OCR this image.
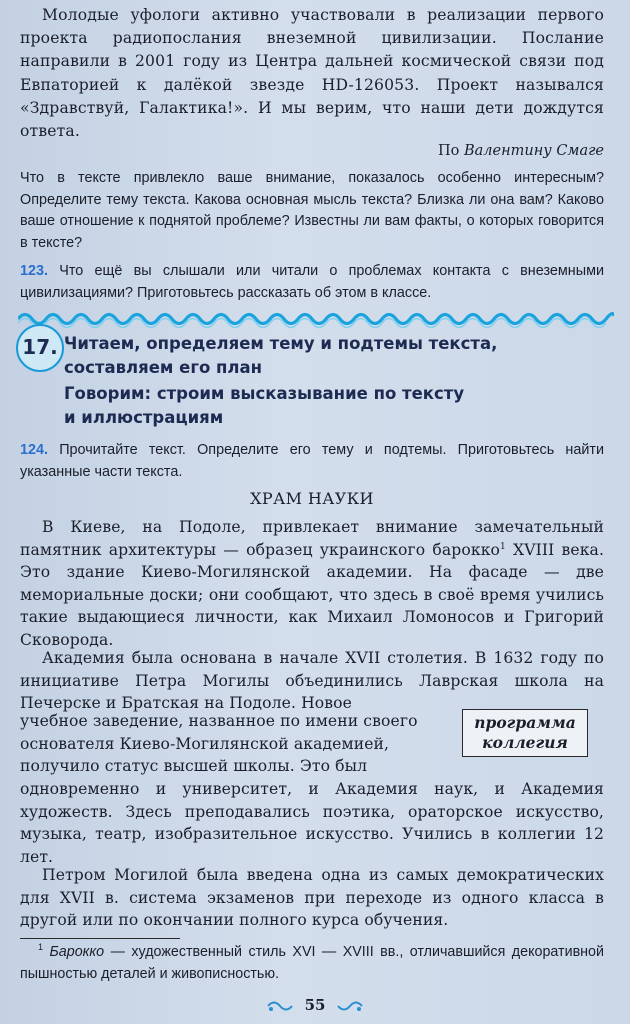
Молодые уфологи активно участвовали в реализации первого проекта радиопослания внеземной цивилизации. Послание направили в 2001 году из Центра дальней космической связи под Евпаторией к далёкой звезде HD-126053. Проект назывался «Здравствуй, Галактика!». И мы верим, что наши дети дождутся ответа.

По Валентину Смаге

Что в тексте привлекло ваше внимание, показалось особенно интересным? Определите тему текста. Какова основная мысль текста? Близка ли она вам? Каково ваше отношение к поднятой проблеме? Известны ли вам факты, о которых говорится в тексте?

123. Что ещё вы слышали или читали о проблемах контакта с внеземными цивилизациями? Приготовьтесь рассказать об этом в классе.

17. Читаем, определяем тему и подтемы текста,
составляем его план
Говорим: строим высказывание по тексту
и иллюстрациям

124. Прочитайте текст. Определите его тему и подтемы. Приготовьтесь найти указанные части текста.

ХРАМ НАУКИ

В Киеве, на Подоле, привлекает внимание замечательный памятник архитектуры — образец украинского барокко$^1$ XVIII века. Это здание Киево-Могилянской академии. На фасаде — две мемориальные доски; они сообщают, что здесь в своё время учились такие выдающиеся личности, как Михаил Ломоносов и Григорий Сковорода.

Академия была основана в начале XVII столетия. В 1632 году по инициативе Петра Могилы объединились Лаврская школа на Печерске и Братская на Подоле. Новое

учебное заведение, названное по имени своего основателя Киево-Могилянской академией, получило статус высшей школы. Это был

программа
коллегия

одновременно и университет, и Академия наук, и Академия художеств. Здесь преподавались поэтика, ораторское искусство, музыка, театр, изобразительное искусство. Учились в коллегии 12 лет.

Петром Могилой была введена одна из самых демократических для XVII в. система экзаменов при переходе из одного класса в другой или по окончании полного курса обучения.

$^1$ Барокко — художественный стиль XVI — XVIII вв., отличавшийся декоративной пышностью деталей и живописностью.

55
